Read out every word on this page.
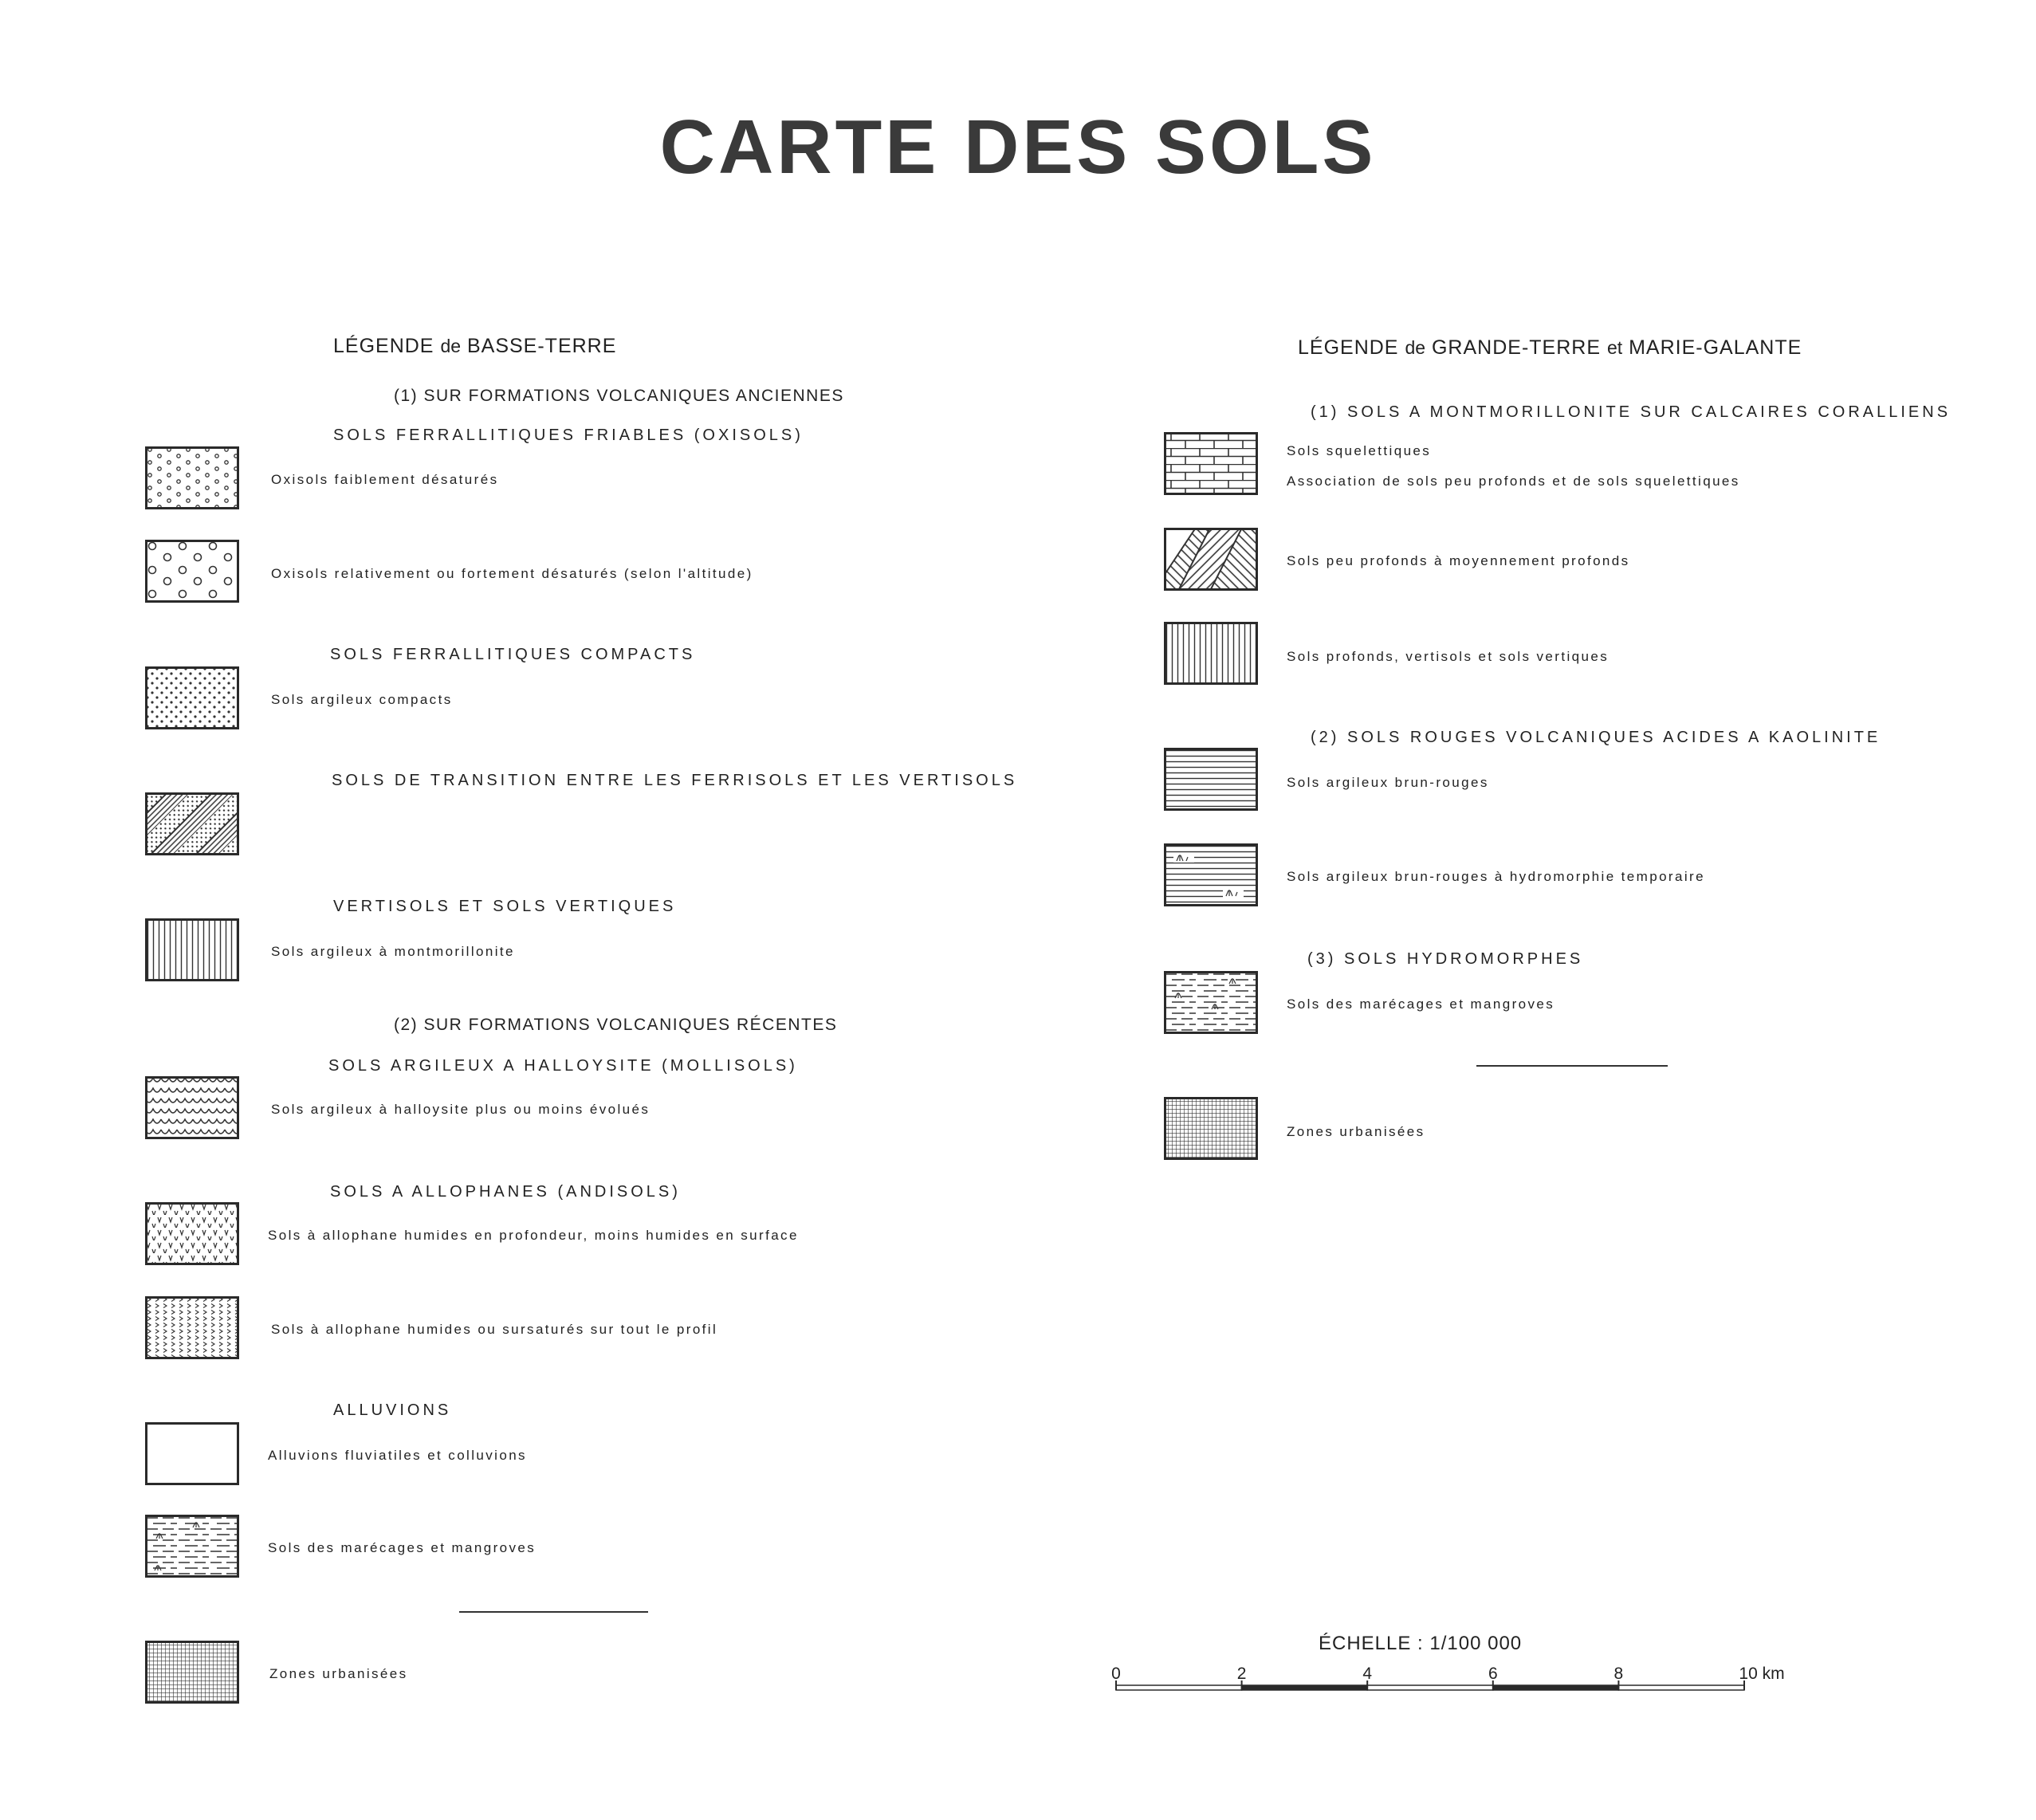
CARTE DES SOLS
LÉGENDE de BASSE-TERRE
(1) SUR FORMATIONS VOLCANIQUES ANCIENNES
SOLS FERRALLITIQUES FRIABLES (OXISOLS)
Oxisols faiblement désaturés
Oxisols relativement ou fortement désaturés (selon l'altitude)
SOLS FERRALLITIQUES COMPACTS
Sols argileux compacts
SOLS DE TRANSITION ENTRE LES FERRISOLS ET LES VERTISOLS
VERTISOLS ET SOLS VERTIQUES
Sols argileux à montmorillonite
(2) SUR FORMATIONS VOLCANIQUES RÉCENTES
SOLS ARGILEUX A HALLOYSITE (MOLLISOLS)
Sols argileux à halloysite plus ou moins évolués
SOLS A ALLOPHANES (ANDISOLS)
Sols à allophane humides en profondeur, moins humides en surface
Sols à allophane humides ou sursaturés sur tout le profil
ALLUVIONS
Alluvions fluviatiles et colluvions
Sols des marécages et mangroves
Zones urbanisées
LÉGENDE de GRANDE-TERRE et MARIE-GALANTE
(1) SOLS A MONTMORILLONITE SUR CALCAIRES CORALLIENS
Sols squelettiques
Association de sols peu profonds et de sols squelettiques
Sols peu profonds à moyennement profonds
Sols profonds, vertisols et sols vertiques
(2) SOLS ROUGES VOLCANIQUES ACIDES A KAOLINITE
Sols argileux brun-rouges
Sols argileux brun-rouges à hydromorphie temporaire
(3) SOLS HYDROMORPHES
Sols des marécages et mangroves
Zones urbanisées
ÉCHELLE : 1/100 000
0	2	4	6	8	10 km
